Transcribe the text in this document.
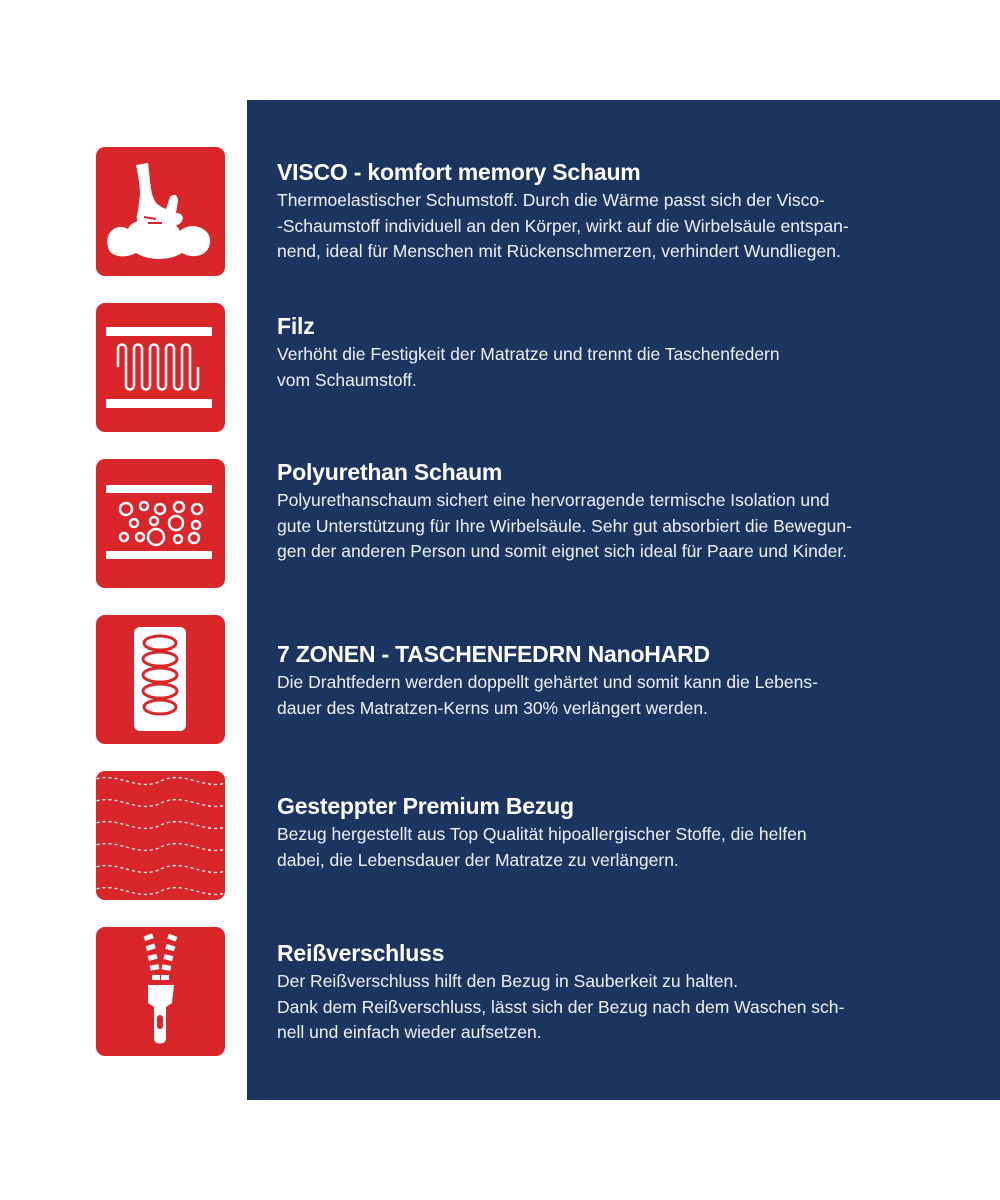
VISCO - komfort memory Schaum
Thermoelastischer Schumstoff. Durch die Wärme passt sich der Visco-
-Schaumstoff individuell an den Körper, wirkt auf die Wirbelsäule entspan-
nend, ideal für Menschen mit Rückenschmerzen, verhindert Wundliegen.
Filz
Verhöht die Festigkeit der Matratze und trennt die Taschenfedern
vom Schaumstoff.
Polyurethan Schaum
Polyurethanschaum sichert eine hervorragende termische Isolation und
gute Unterstützung für Ihre Wirbelsäule. Sehr gut absorbiert die Bewegun-
gen der anderen Person und somit eignet sich ideal für Paare und Kinder.
7 ZONEN - TASCHENFEDRN NanoHARD
Die Drahtfedern werden doppellt gehärtet und somit kann die Lebens-
dauer des Matratzen-Kerns um 30% verlängert werden.
Gesteppter Premium Bezug
Bezug hergestellt aus Top Qualität hipoallergischer Stoffe, die helfen
dabei, die Lebensdauer der Matratze zu verlängern.
Reißverschluss
Der Reißverschluss hilft den Bezug in Sauberkeit zu halten.
Dank dem Reißverschluss, lässt sich der Bezug nach dem Waschen sch-
nell und einfach wieder aufsetzen.
